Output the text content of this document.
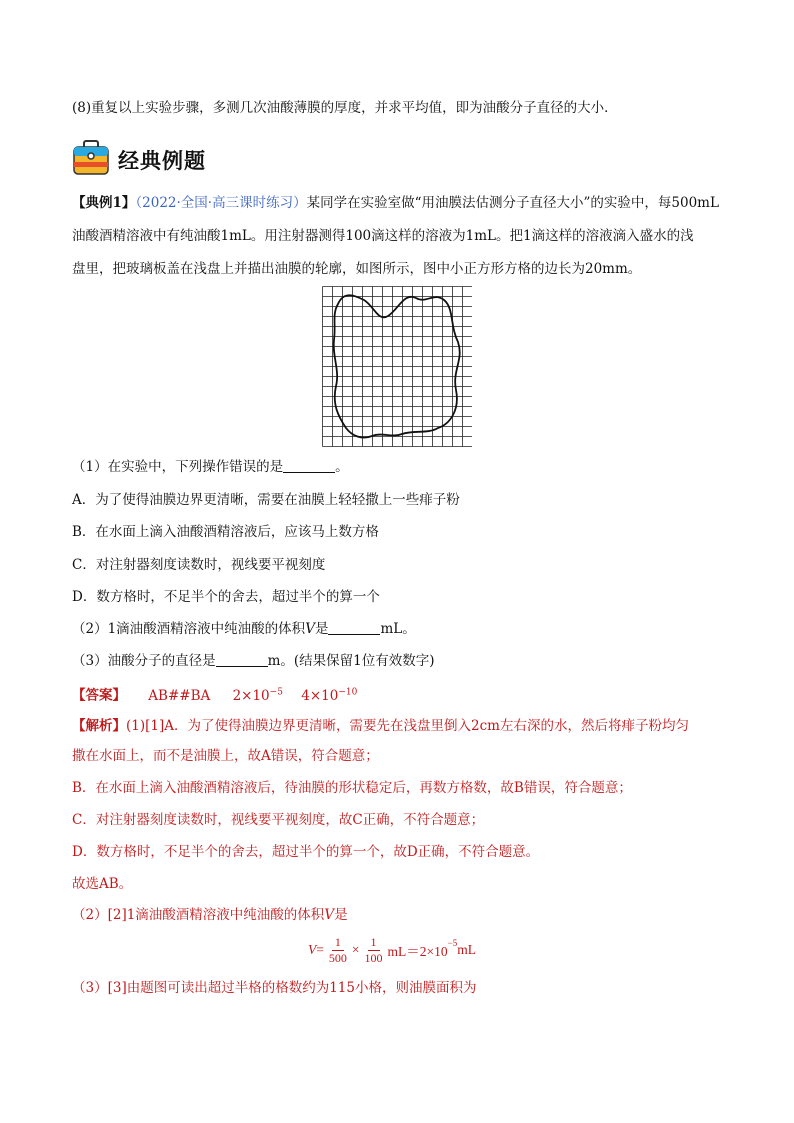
(8)重复以上实验步骤，多测几次油酸薄膜的厚度，并求平均值，即为油酸分子直径的大小．
经典例题
【典例1】（2022·全国·高三课时练习）某同学在实验室做“用油膜法估测分子直径大小”的实验中，每500mL
油酸酒精溶液中有纯油酸1mL。用注射器测得100滴这样的溶液为1mL。把1滴这样的溶液滴入盛水的浅
盘里，把玻璃板盖在浅盘上并描出油膜的轮廓，如图所示，图中小正方形方格的边长为20mm。
（1）在实验中，下列操作错误的是	。
A．为了使得油膜边界更清晰，需要在油膜上轻轻撒上一些痱子粉
B．在水面上滴入油酸酒精溶液后，应该马上数方格
C．对注射器刻度读数时，视线要平视刻度
D．数方格时，不足半个的舍去，超过半个的算一个
（2）1滴油酸酒精溶液中纯油酸的体积V是	mL。
（3）油酸分子的直径是	m。(结果保留1位有效数字)
【答案】 AB##BA $2\times 10^{-5}$ $4\times 10^{-10}$
【解析】(1)[1]A．为了使得油膜边界更清晰，需要先在浅盘里倒入2cm左右深的水，然后将痱子粉均匀
撒在水面上，而不是油膜上，故A错误，符合题意；
B．在水面上滴入油酸酒精溶液后，待油膜的形状稳定后，再数方格数，故B错误，符合题意；
C．对注射器刻度读数时，视线要平视刻度，故C正确，不符合题意；
D．数方格时，不足半个的舍去，超过半个的算一个，故D正确，不符合题意。
故选AB。
（2）[2]1滴油酸酒精溶液中纯油酸的体积V是
$V = \frac{1}{500} \times \frac{1}{100} mL=2\times 10$
$^{-5}$ mL
（3）[3]由题图可读出超过半格的格数约为115小格，则油膜面积为
